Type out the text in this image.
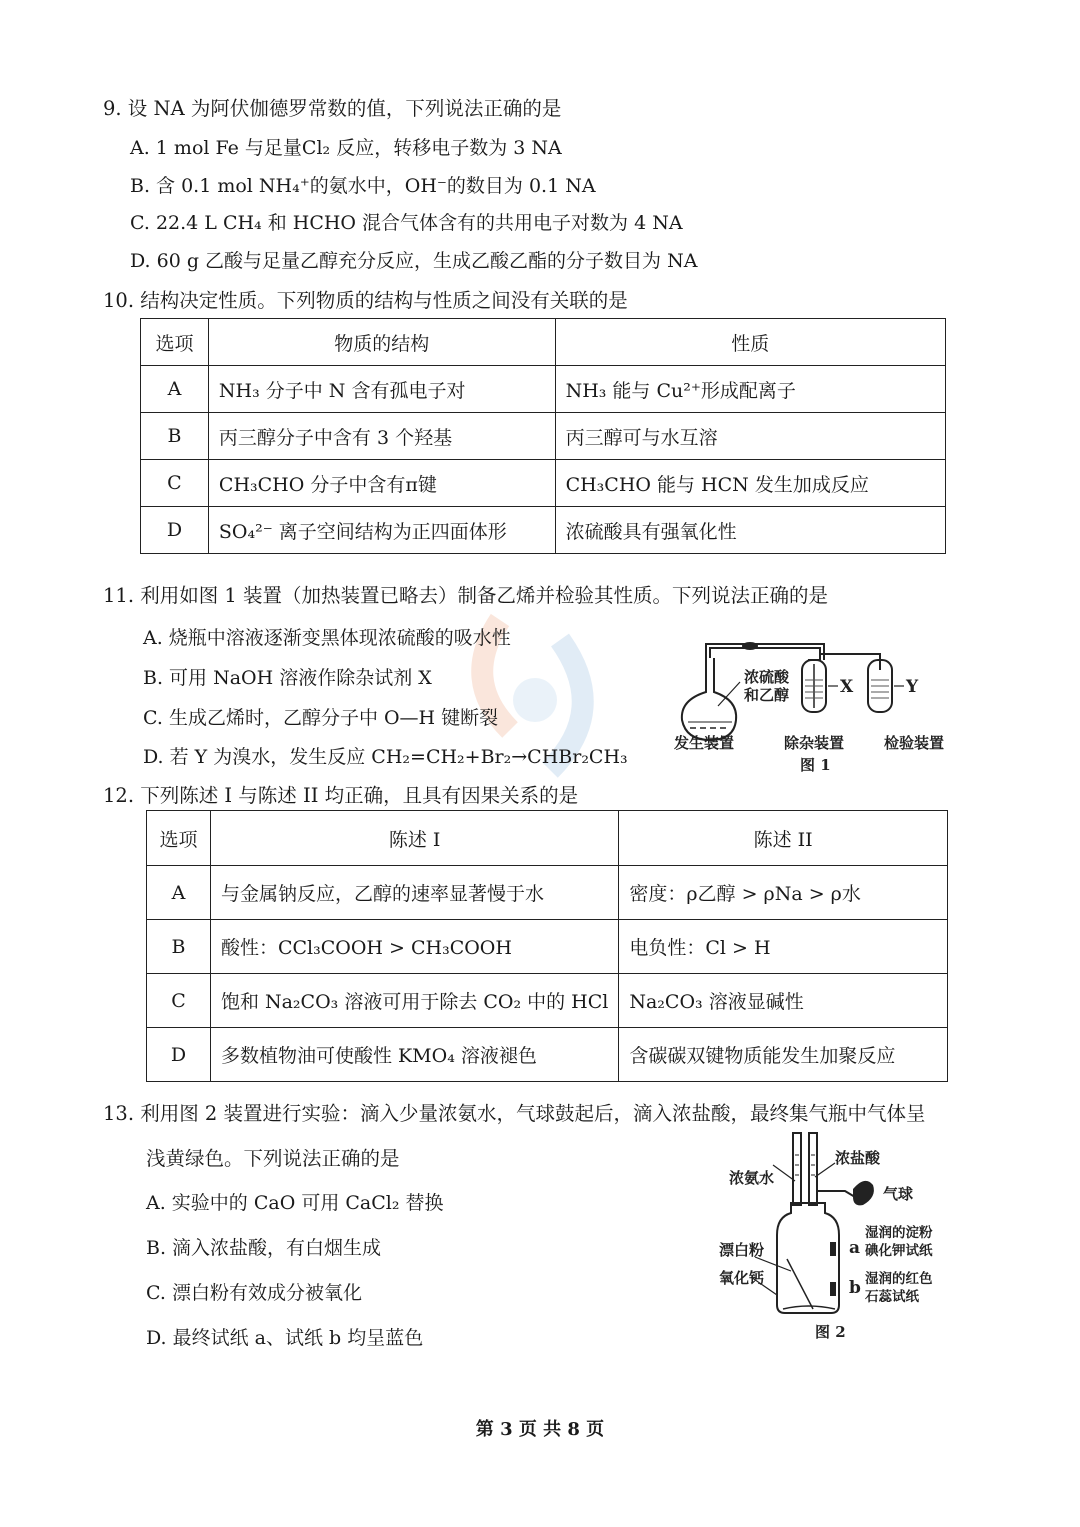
9. 设 NA 为阿伏伽德罗常数的值，下列说法正确的是
A. 1 mol Fe 与足量Cl₂ 反应，转移电子数为 3 NA
B. 含 0.1 mol NH₄⁺的氨水中，OH⁻的数目为 0.1 NA
C. 22.4 L CH₄ 和 HCHO 混合气体含有的共用电子对数为 4 NA
D. 60 g 乙酸与足量乙醇充分反应，生成乙酸乙酯的分子数目为 NA
10. 结构决定性质。下列物质的结构与性质之间没有关联的是
选项	物质的结构	性质
A	NH₃ 分子中 N 含有孤电子对	NH₃ 能与 Cu²⁺形成配离子
B	丙三醇分子中含有 3 个羟基	丙三醇可与水互溶
C	CH₃CHO 分子中含有π键	CH₃CHO 能与 HCN 发生加成反应
D	SO₄²⁻ 离子空间结构为正四面体形	浓硫酸具有强氧化性
11. 利用如图 1 装置（加热装置已略去）制备乙烯并检验其性质。下列说法正确的是
A. 烧瓶中溶液逐渐变黑体现浓硫酸的吸水性
B. 可用 NaOH 溶液作除杂试剂 X
C. 生成乙烯时，乙醇分子中 O—H 键断裂
D. 若 Y 为溴水，发生反应 CH₂=CH₂+Br₂→CHBr₂CH₃
浓硫酸
和乙醇	X	Y
发生装置	除杂装置	检验装置
图 1
12. 下列陈述 I 与陈述 II 均正确，且具有因果关系的是
选项	陈述 I	陈述 II
A	与金属钠反应，乙醇的速率显著慢于水	密度：ρ乙醇 > ρNa > ρ水
B	酸性：CCl₃COOH > CH₃COOH	电负性：Cl > H
C	饱和 Na₂CO₃ 溶液可用于除去 CO₂ 中的 HCl	Na₂CO₃ 溶液显碱性
D	多数植物油可使酸性 KMO₄ 溶液褪色	含碳碳双键物质能发生加聚反应
13. 利用图 2 装置进行实验：滴入少量浓氨水，气球鼓起后，滴入浓盐酸，最终集气瓶中气体呈
浅黄绿色。下列说法正确的是
A. 实验中的 CaO 可用 CaCl₂ 替换
B. 滴入浓盐酸，有白烟生成
C. 漂白粉有效成分被氧化
D. 最终试纸 a、试纸 b 均呈蓝色
浓氨水
浓盐酸
气球
漂白粉
氧化钙
a
b
湿润的淀粉
碘化钾试纸
湿润的红色
石蕊试纸
图 2
第 3 页 共 8 页
